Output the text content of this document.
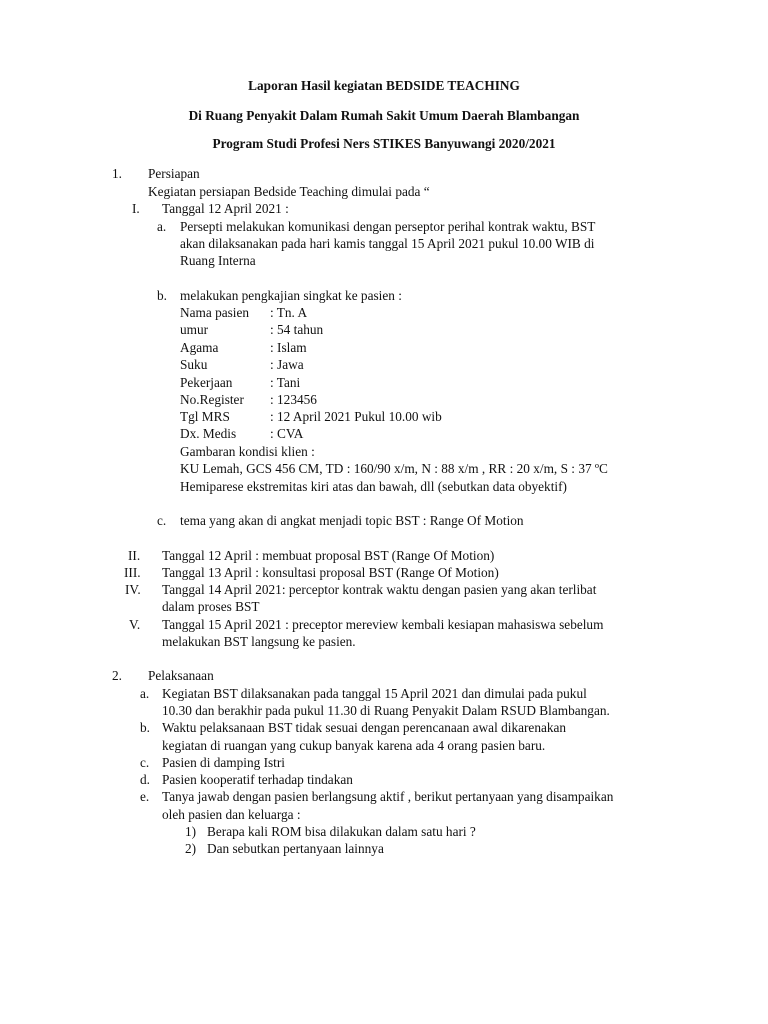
Laporan Hasil kegiatan BEDSIDE TEACHING
Di Ruang Penyakit Dalam Rumah Sakit Umum Daerah Blambangan
Program Studi Profesi Ners STIKES Banyuwangi 2020/2021
1. Persiapan
Kegiatan persiapan Bedside Teaching dimulai pada “
I. Tanggal 12 April 2021 :
a. Persepti melakukan komunikasi dengan perseptor perihal kontrak waktu, BST
akan dilaksanakan pada hari kamis tanggal 15 April 2021 pukul 10.00 WIB di
Ruang Interna
b. melakukan pengkajian singkat ke pasien :
Nama pasien : Tn. A
umur	: 54 tahun
Agama	: Islam
Suku	: Jawa
Pekerjaan	: Tani
No.Register : 123456
Tgl MRS	: 12 April 2021 Pukul 10.00 wib
Dx. Medis	: CVA
Gambaran kondisi klien :
KU Lemah, GCS 456 CM, TD : 160/90 x/m, N : 88 x/m , RR : 20 x/m, S : 37 ºC
Hemiparese ekstremitas kiri atas dan bawah, dll (sebutkan data obyektif)
c. tema yang akan di angkat menjadi topic BST : Range Of Motion
II. Tanggal 12 April : membuat proposal BST (Range Of Motion)
III. Tanggal 13 April : konsultasi proposal BST (Range Of Motion)
IV. Tanggal 14 April 2021: perceptor kontrak waktu dengan pasien yang akan terlibat
dalam proses BST
V. Tanggal 15 April 2021 : preceptor mereview kembali kesiapan mahasiswa sebelum
melakukan BST langsung ke pasien.
2. Pelaksanaan
a. Kegiatan BST dilaksanakan pada tanggal 15 April 2021 dan dimulai pada pukul
10.30 dan berakhir pada pukul 11.30 di Ruang Penyakit Dalam RSUD Blambangan.
b. Waktu pelaksanaan BST tidak sesuai dengan perencanaan awal dikarenakan
kegiatan di ruangan yang cukup banyak karena ada 4 orang pasien baru.
c. Pasien di damping Istri
d. Pasien kooperatif terhadap tindakan
e. Tanya jawab dengan pasien berlangsung aktif , berikut pertanyaan yang disampaikan
oleh pasien dan keluarga :
1) Berapa kali ROM bisa dilakukan dalam satu hari ?
2) Dan sebutkan pertanyaan lainnya
